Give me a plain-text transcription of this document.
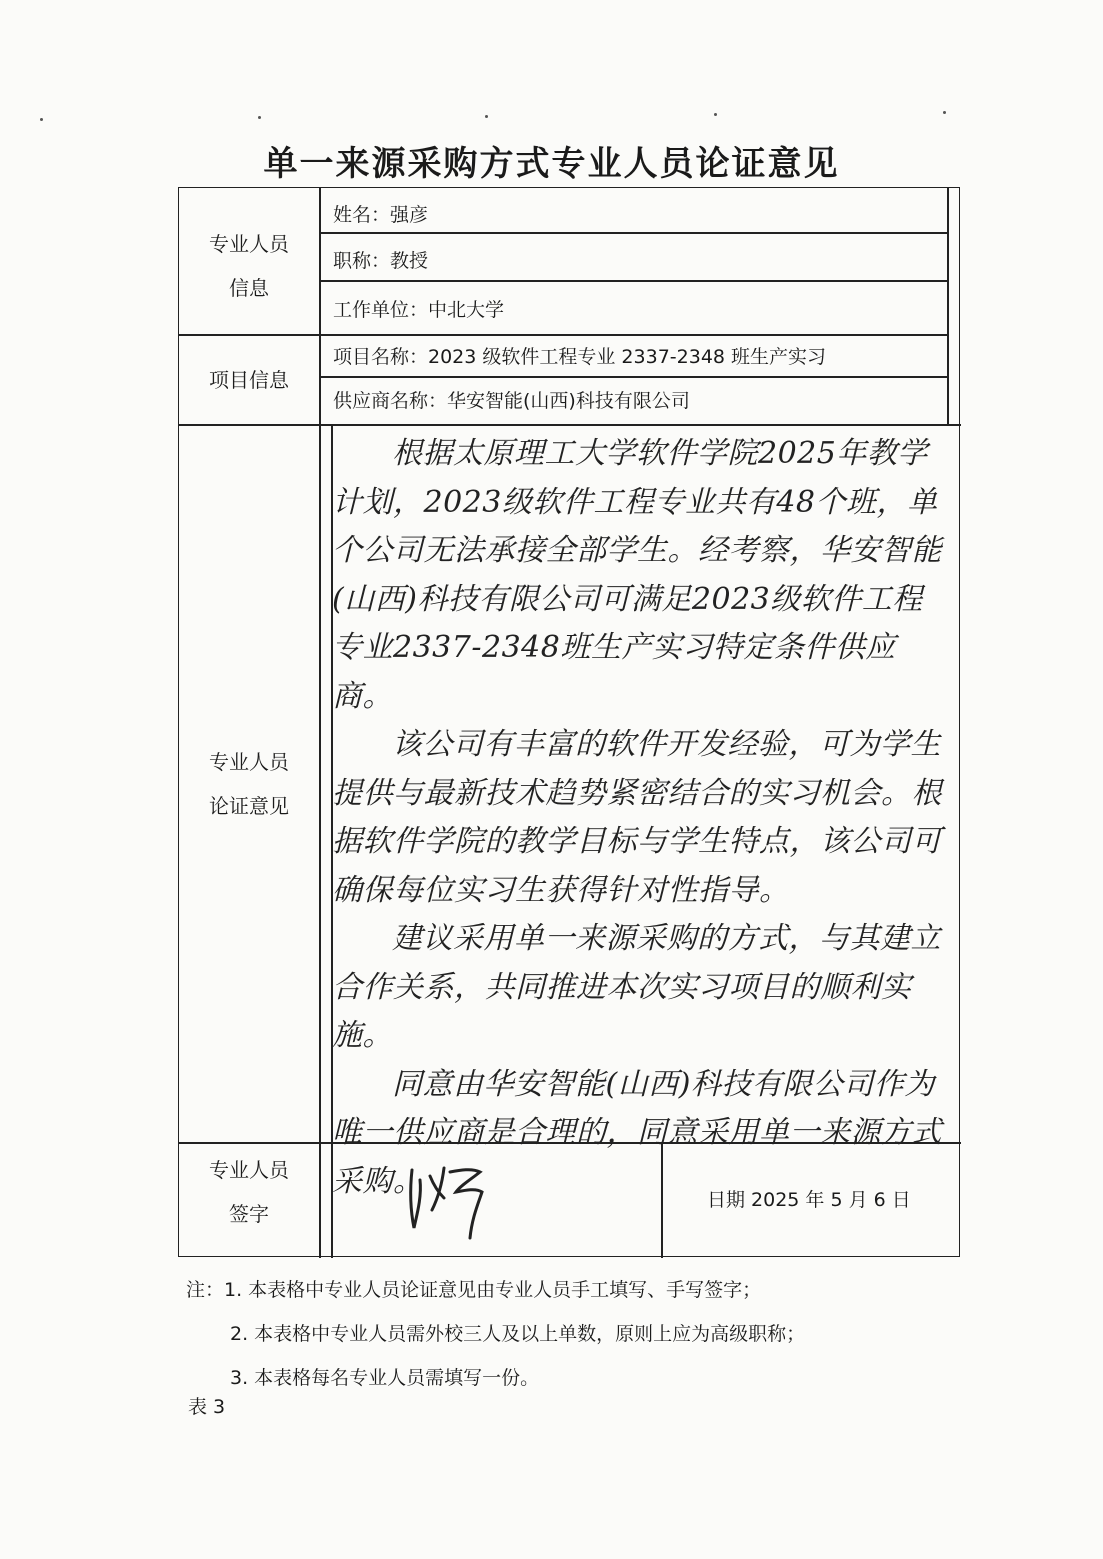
单一来源采购方式专业人员论证意见
专业人员
信息
姓名：强彦
职称：教授
工作单位：中北大学
项目信息
项目名称：2023 级软件工程专业 2337-2348 班生产实习
供应商名称：华安智能(山西)科技有限公司
专业人员
论证意见
专业人员
签字
日期 2025 年 5 月 6 日

根据太原理工大学软件学院2025年教学计划，2023级软件工程专业共有48个班，单个公司无法承接全部学生。经考察，华安智能(山西)科技有限公司可满足2023级软件工程专业2337-2348班生产实习特定条件供应商。

该公司有丰富的软件开发经验，可为学生提供与最新技术趋势紧密结合的实习机会。根据软件学院的教学目标与学生特点，该公司可确保每位实习生获得针对性指导。

建议采用单一来源采购的方式，与其建立合作关系，共同推进本次实习项目的顺利实施。

同意由华安智能(山西)科技有限公司作为唯一供应商是合理的，同意采用单一来源方式采购。

注：1. 本表格中专业人员论证意见由专业人员手工填写、手写签字；
2. 本表格中专业人员需外校三人及以上单数，原则上应为高级职称；
3. 本表格每名专业人员需填写一份。
表 3
